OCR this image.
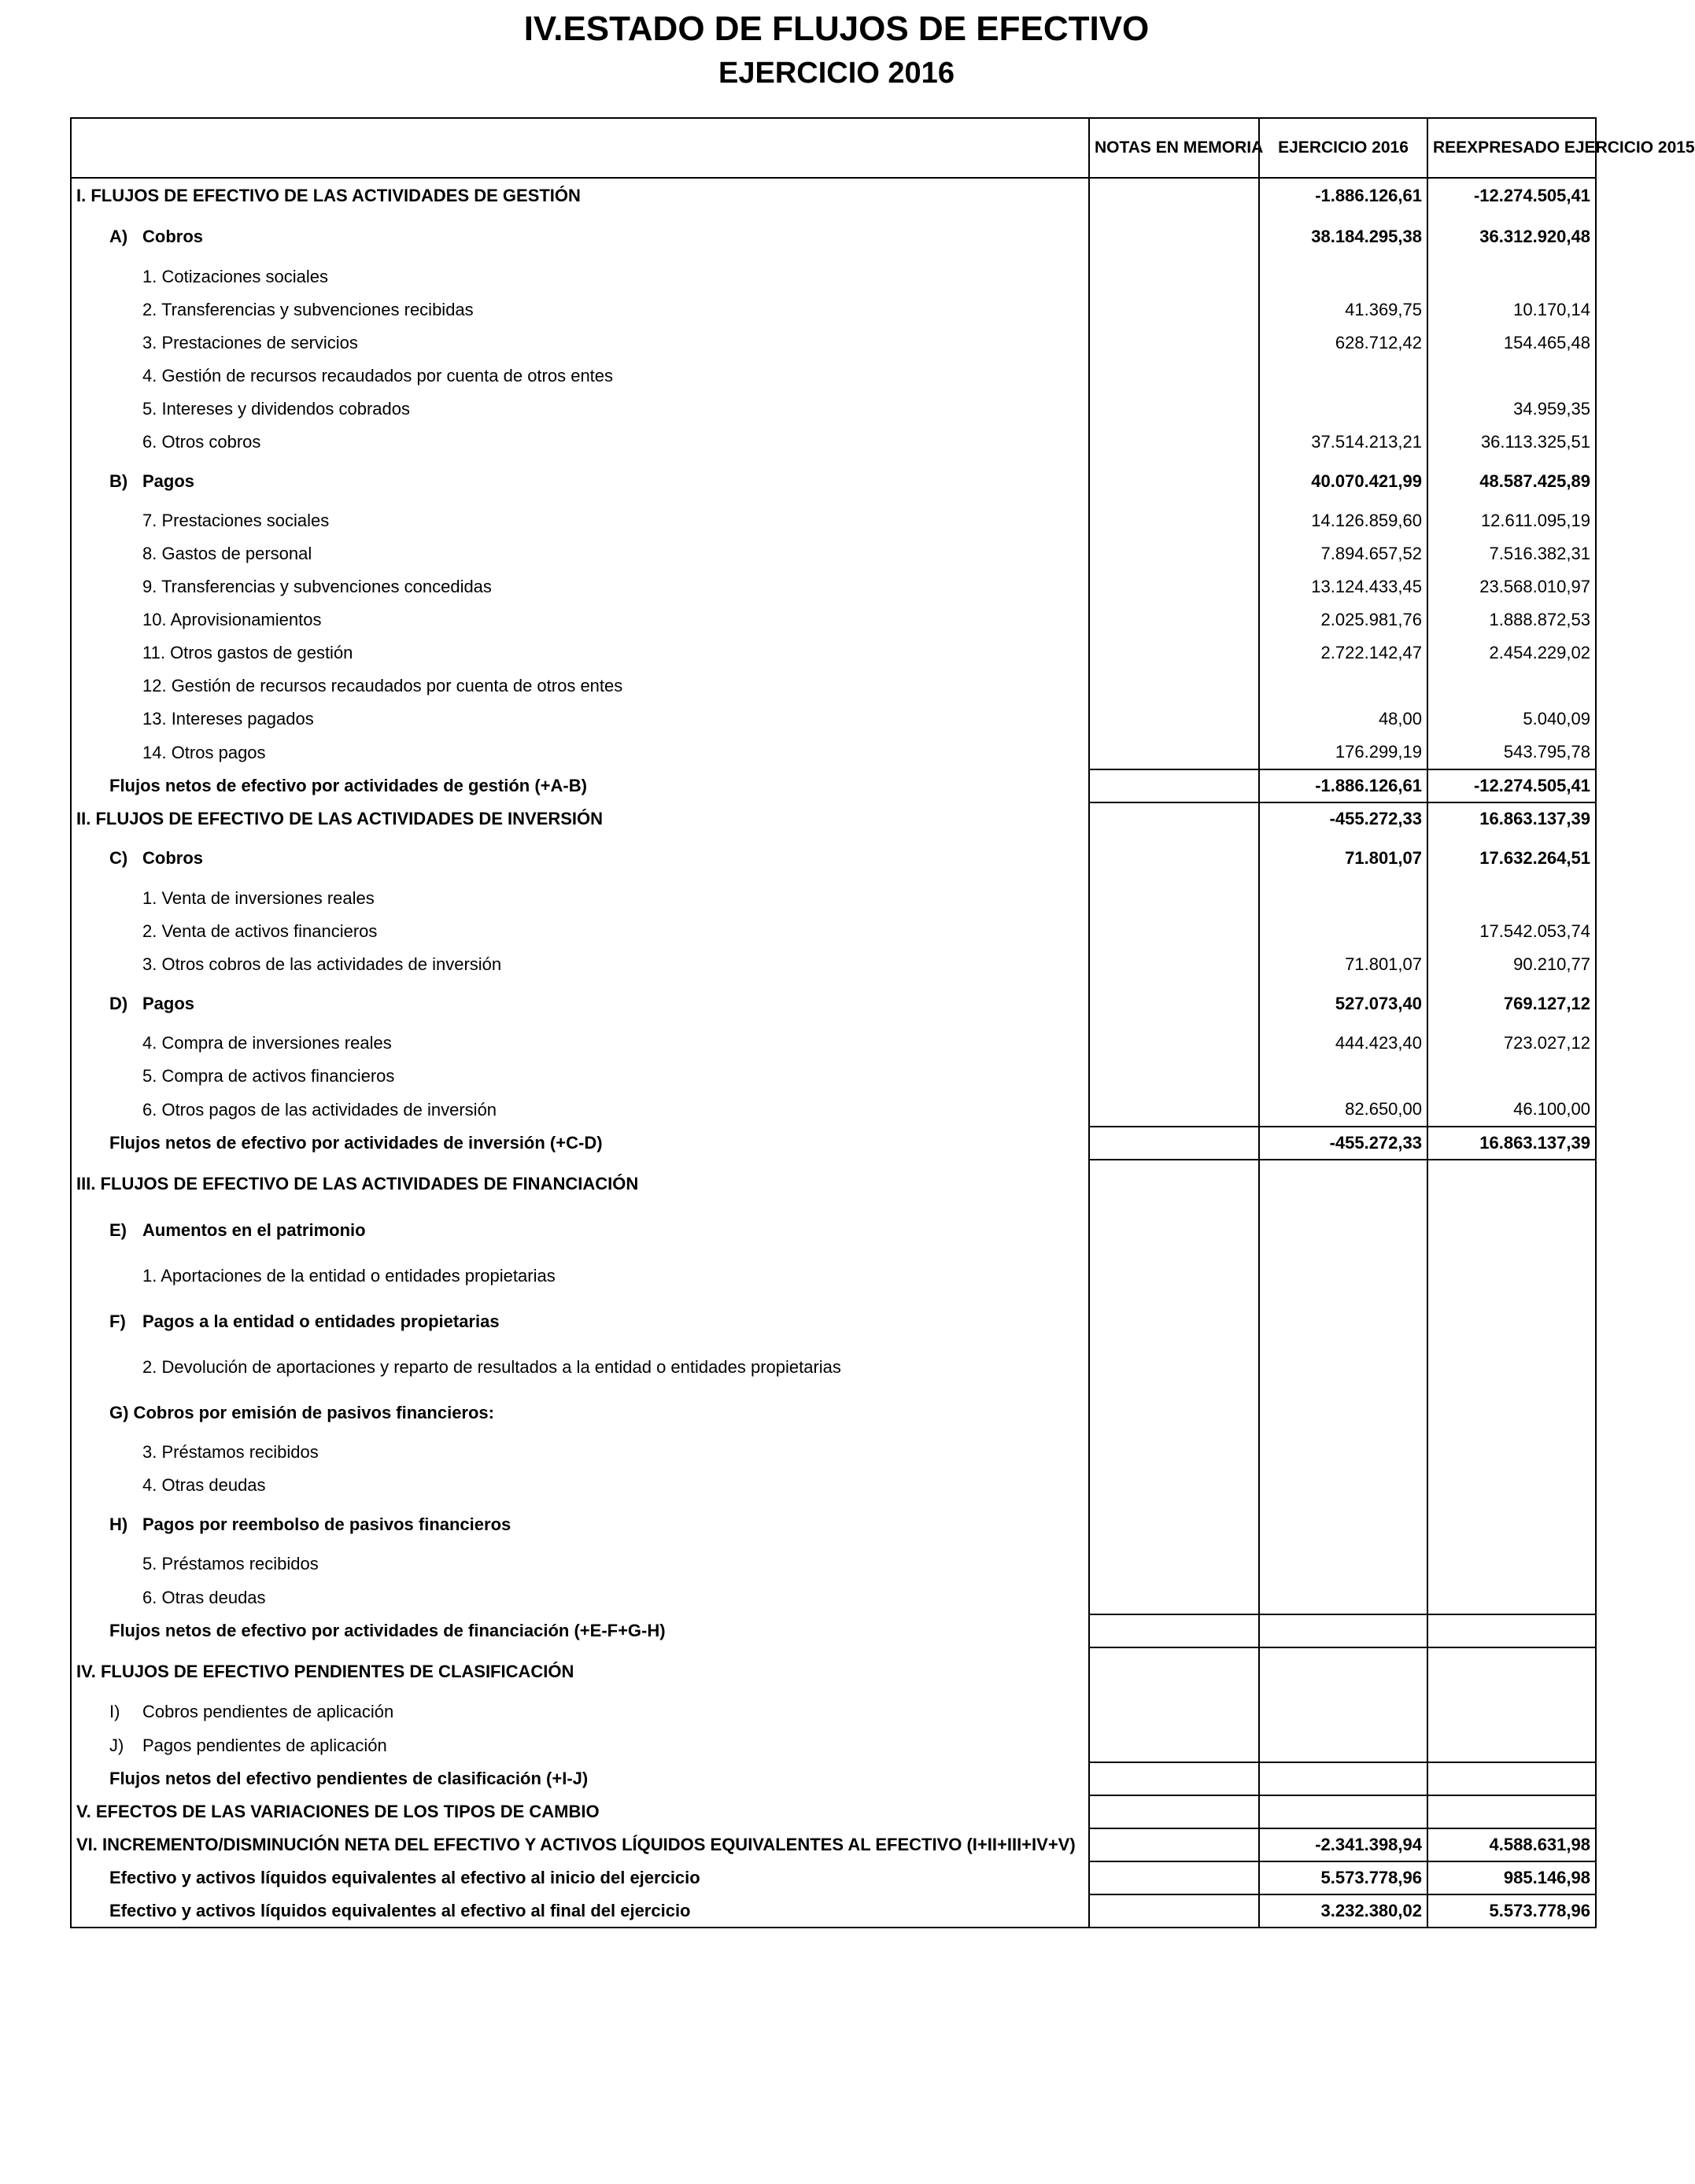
IV.ESTADO DE FLUJOS DE EFECTIVO
EJERCICIO 2016
	NOTAS EN MEMORIA	EJERCICIO 2016	REEXPRESADO EJERCICIO 2015
I. FLUJOS DE EFECTIVO DE LAS ACTIVIDADES DE GESTIÓN		-1.886.126,61	-12.274.505,41
A) Cobros		38.184.295,38	36.312.920,48
1. Cotizaciones sociales			
2. Transferencias y subvenciones recibidas		41.369,75	10.170,14
3. Prestaciones de servicios		628.712,42	154.465,48
4. Gestión de recursos recaudados por cuenta de otros entes			
5. Intereses y dividendos cobrados			34.959,35
6. Otros cobros		37.514.213,21	36.113.325,51
B) Pagos		40.070.421,99	48.587.425,89
7. Prestaciones sociales		14.126.859,60	12.611.095,19
8. Gastos de personal		7.894.657,52	7.516.382,31
9. Transferencias y subvenciones concedidas		13.124.433,45	23.568.010,97
10. Aprovisionamientos		2.025.981,76	1.888.872,53
11. Otros gastos de gestión		2.722.142,47	2.454.229,02
12. Gestión de recursos recaudados por cuenta de otros entes			
13. Intereses pagados		48,00	5.040,09
14. Otros pagos		176.299,19	543.795,78
Flujos netos de efectivo por actividades de gestión (+A-B)		-1.886.126,61	-12.274.505,41
II. FLUJOS DE EFECTIVO DE LAS ACTIVIDADES DE INVERSIÓN		-455.272,33	16.863.137,39
C) Cobros		71.801,07	17.632.264,51
1. Venta de inversiones reales			
2. Venta de activos financieros			17.542.053,74
3. Otros cobros de las actividades de inversión		71.801,07	90.210,77
D) Pagos		527.073,40	769.127,12
4. Compra de inversiones reales		444.423,40	723.027,12
5. Compra de activos financieros			
6. Otros pagos de las actividades de inversión		82.650,00	46.100,00
Flujos netos de efectivo por actividades de inversión (+C-D)		-455.272,33	16.863.137,39
III. FLUJOS DE EFECTIVO DE LAS ACTIVIDADES DE FINANCIACIÓN			
E) Aumentos en el patrimonio			
1. Aportaciones de la entidad o entidades propietarias			
F) Pagos a la entidad o entidades propietarias			
2. Devolución de aportaciones y reparto de resultados a la entidad o entidades propietarias			
G) Cobros por emisión de pasivos financieros:			
3. Préstamos recibidos			
4. Otras deudas			
H) Pagos por reembolso de pasivos financieros			
5. Préstamos recibidos			
6. Otras deudas			
Flujos netos de efectivo por actividades de financiación (+E-F+G-H)			
IV. FLUJOS DE EFECTIVO PENDIENTES DE CLASIFICACIÓN			
I) Cobros pendientes de aplicación			
J) Pagos pendientes de aplicación			
Flujos netos del efectivo pendientes de clasificación (+I-J)			
V. EFECTOS DE LAS VARIACIONES DE LOS TIPOS DE CAMBIO			
VI. INCREMENTO/DISMINUCIÓN NETA DEL EFECTIVO Y ACTIVOS LÍQUIDOS EQUIVALENTES AL EFECTIVO (I+II+III+IV+V)		-2.341.398,94	4.588.631,98
Efectivo y activos líquidos equivalentes al efectivo al inicio del ejercicio		5.573.778,96	985.146,98
Efectivo y activos líquidos equivalentes al efectivo al final del ejercicio		3.232.380,02	5.573.778,96
